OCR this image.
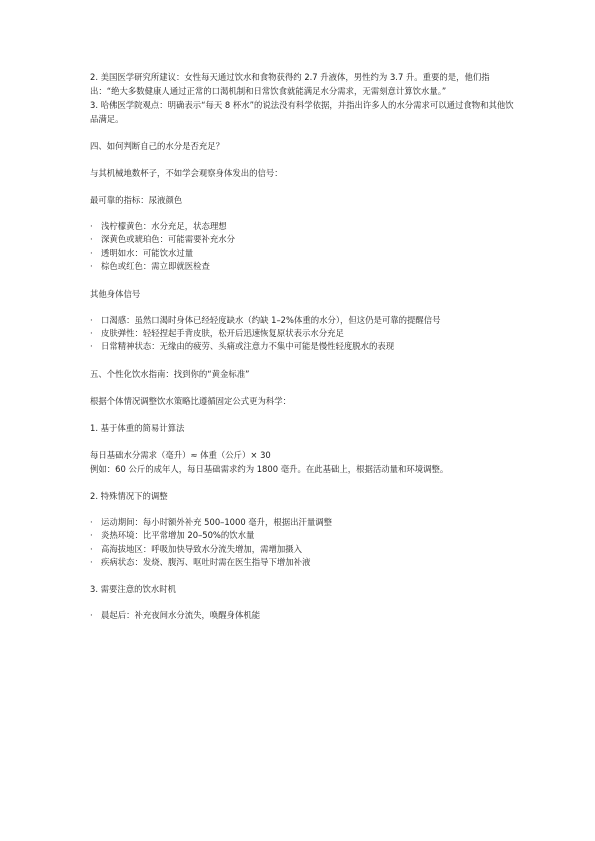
2. 美国医学研究所建议：女性每天通过饮水和食物获得约 2.7 升液体，男性约为 3.7 升。重要的是，他们指出：“绝大多数健康人通过正常的口渴机制和日常饮食就能满足水分需求，无需刻意计算饮水量。”

3. 哈佛医学院观点：明确表示“每天 8 杯水”的说法没有科学依据，并指出许多人的水分需求可以通过食物和其他饮品满足。

四、如何判断自己的水分是否充足？

与其机械地数杯子，不如学会观察身体发出的信号：

最可靠的指标：尿液颜色

· 浅柠檬黄色：水分充足，状态理想
· 深黄色或琥珀色：可能需要补充水分
· 透明如水：可能饮水过量
· 棕色或红色：需立即就医检查

其他身体信号

· 口渴感：虽然口渴时身体已经轻度缺水（约缺 1–2%体重的水分），但这仍是可靠的提醒信号
· 皮肤弹性：轻轻捏起手背皮肤，松开后迅速恢复原状表示水分充足
· 日常精神状态：无缘由的疲劳、头痛或注意力不集中可能是慢性轻度脱水的表现

五、个性化饮水指南：找到你的“黄金标准”

根据个体情况调整饮水策略比遵循固定公式更为科学：

1. 基于体重的简易计算法

每日基础水分需求（毫升）≈ 体重（公斤）× 30

例如：60 公斤的成年人，每日基础需求约为 1800 毫升。在此基础上，根据活动量和环境调整。

2. 特殊情况下的调整

· 运动期间：每小时额外补充 500–1000 毫升，根据出汗量调整
· 炎热环境：比平常增加 20–50%的饮水量
· 高海拔地区：呼吸加快导致水分流失增加，需增加摄入
· 疾病状态：发烧、腹泻、呕吐时需在医生指导下增加补液

3. 需要注意的饮水时机

· 晨起后：补充夜间水分流失，唤醒身体机能
